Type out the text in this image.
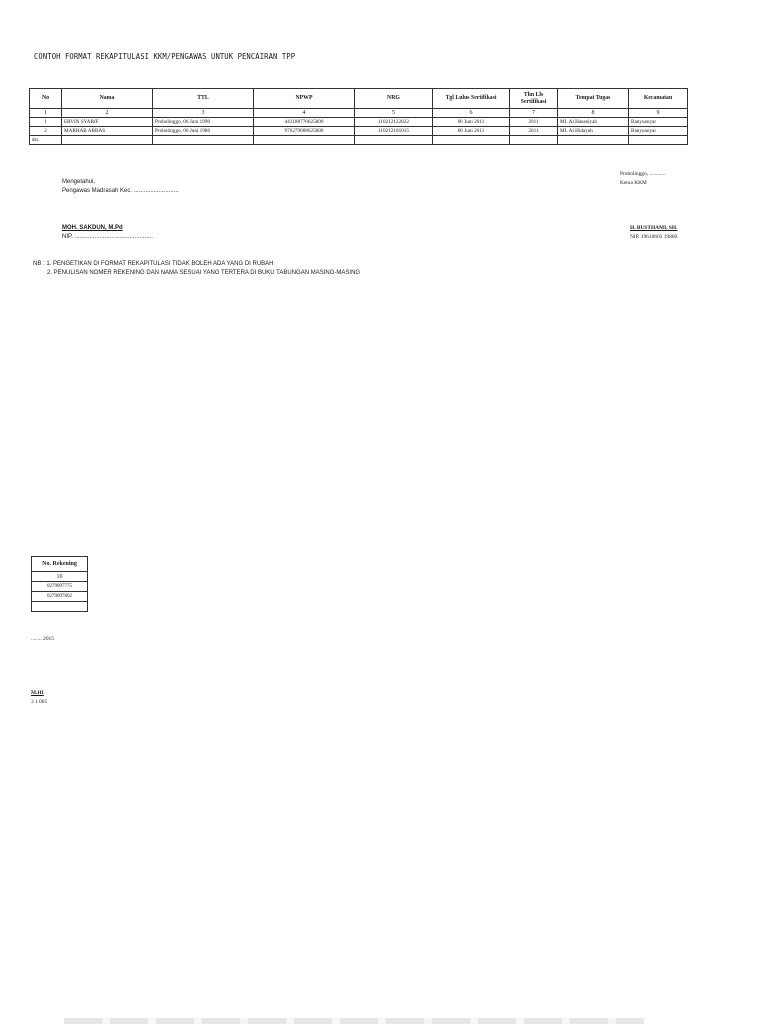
CONTOH FORMAT REKAPITULASI KKM/PENGAWAS UNTUK PENCAIRAN TPP
No	Nama	TTL	NPWP	NRG	Tgl Lulus Sertifikasi	Thn Lls Sertifikasi	Tempat Tugas	Kecamatan
1	2	3	4	5	6	7	8	9
1	ERVIN SYARIF	Probolinggo, 06 Juni 1990	443188776625800	110212122822	06 Juni 2011	2011	MI. Al.Hasaniyah	Banyuanyar
2	MARHAB ABBAS	Probolinggo, 06 Juni 1986	976279008625800	110212181015	06 Juni 2011	2011	MI. Al.Hidayah	Banyuanyar
dst.								
Probolinggo, ............
Ketua KKM
Mengetahui,
Pengawas Madrasah Kec. ...........................
MOH. SAKDUN, M.Pd
NIP. ...............................................
H. BUSTHAMI, SH.
NIP. 19610605 19860.
NB : 1. PENGETIKAN DI FORMAT REKAPITULASI TIDAK BOLEH ADA YANG DI RUBAH
2. PENULISAN NOMER REKENING DAN NAMA SESUAI YANG TERTERA DI BUKU TABUNGAN MASING-MASING
No. Rekening
10
0279097775
0279097802

........ 2015
M.HI
3 1 005
